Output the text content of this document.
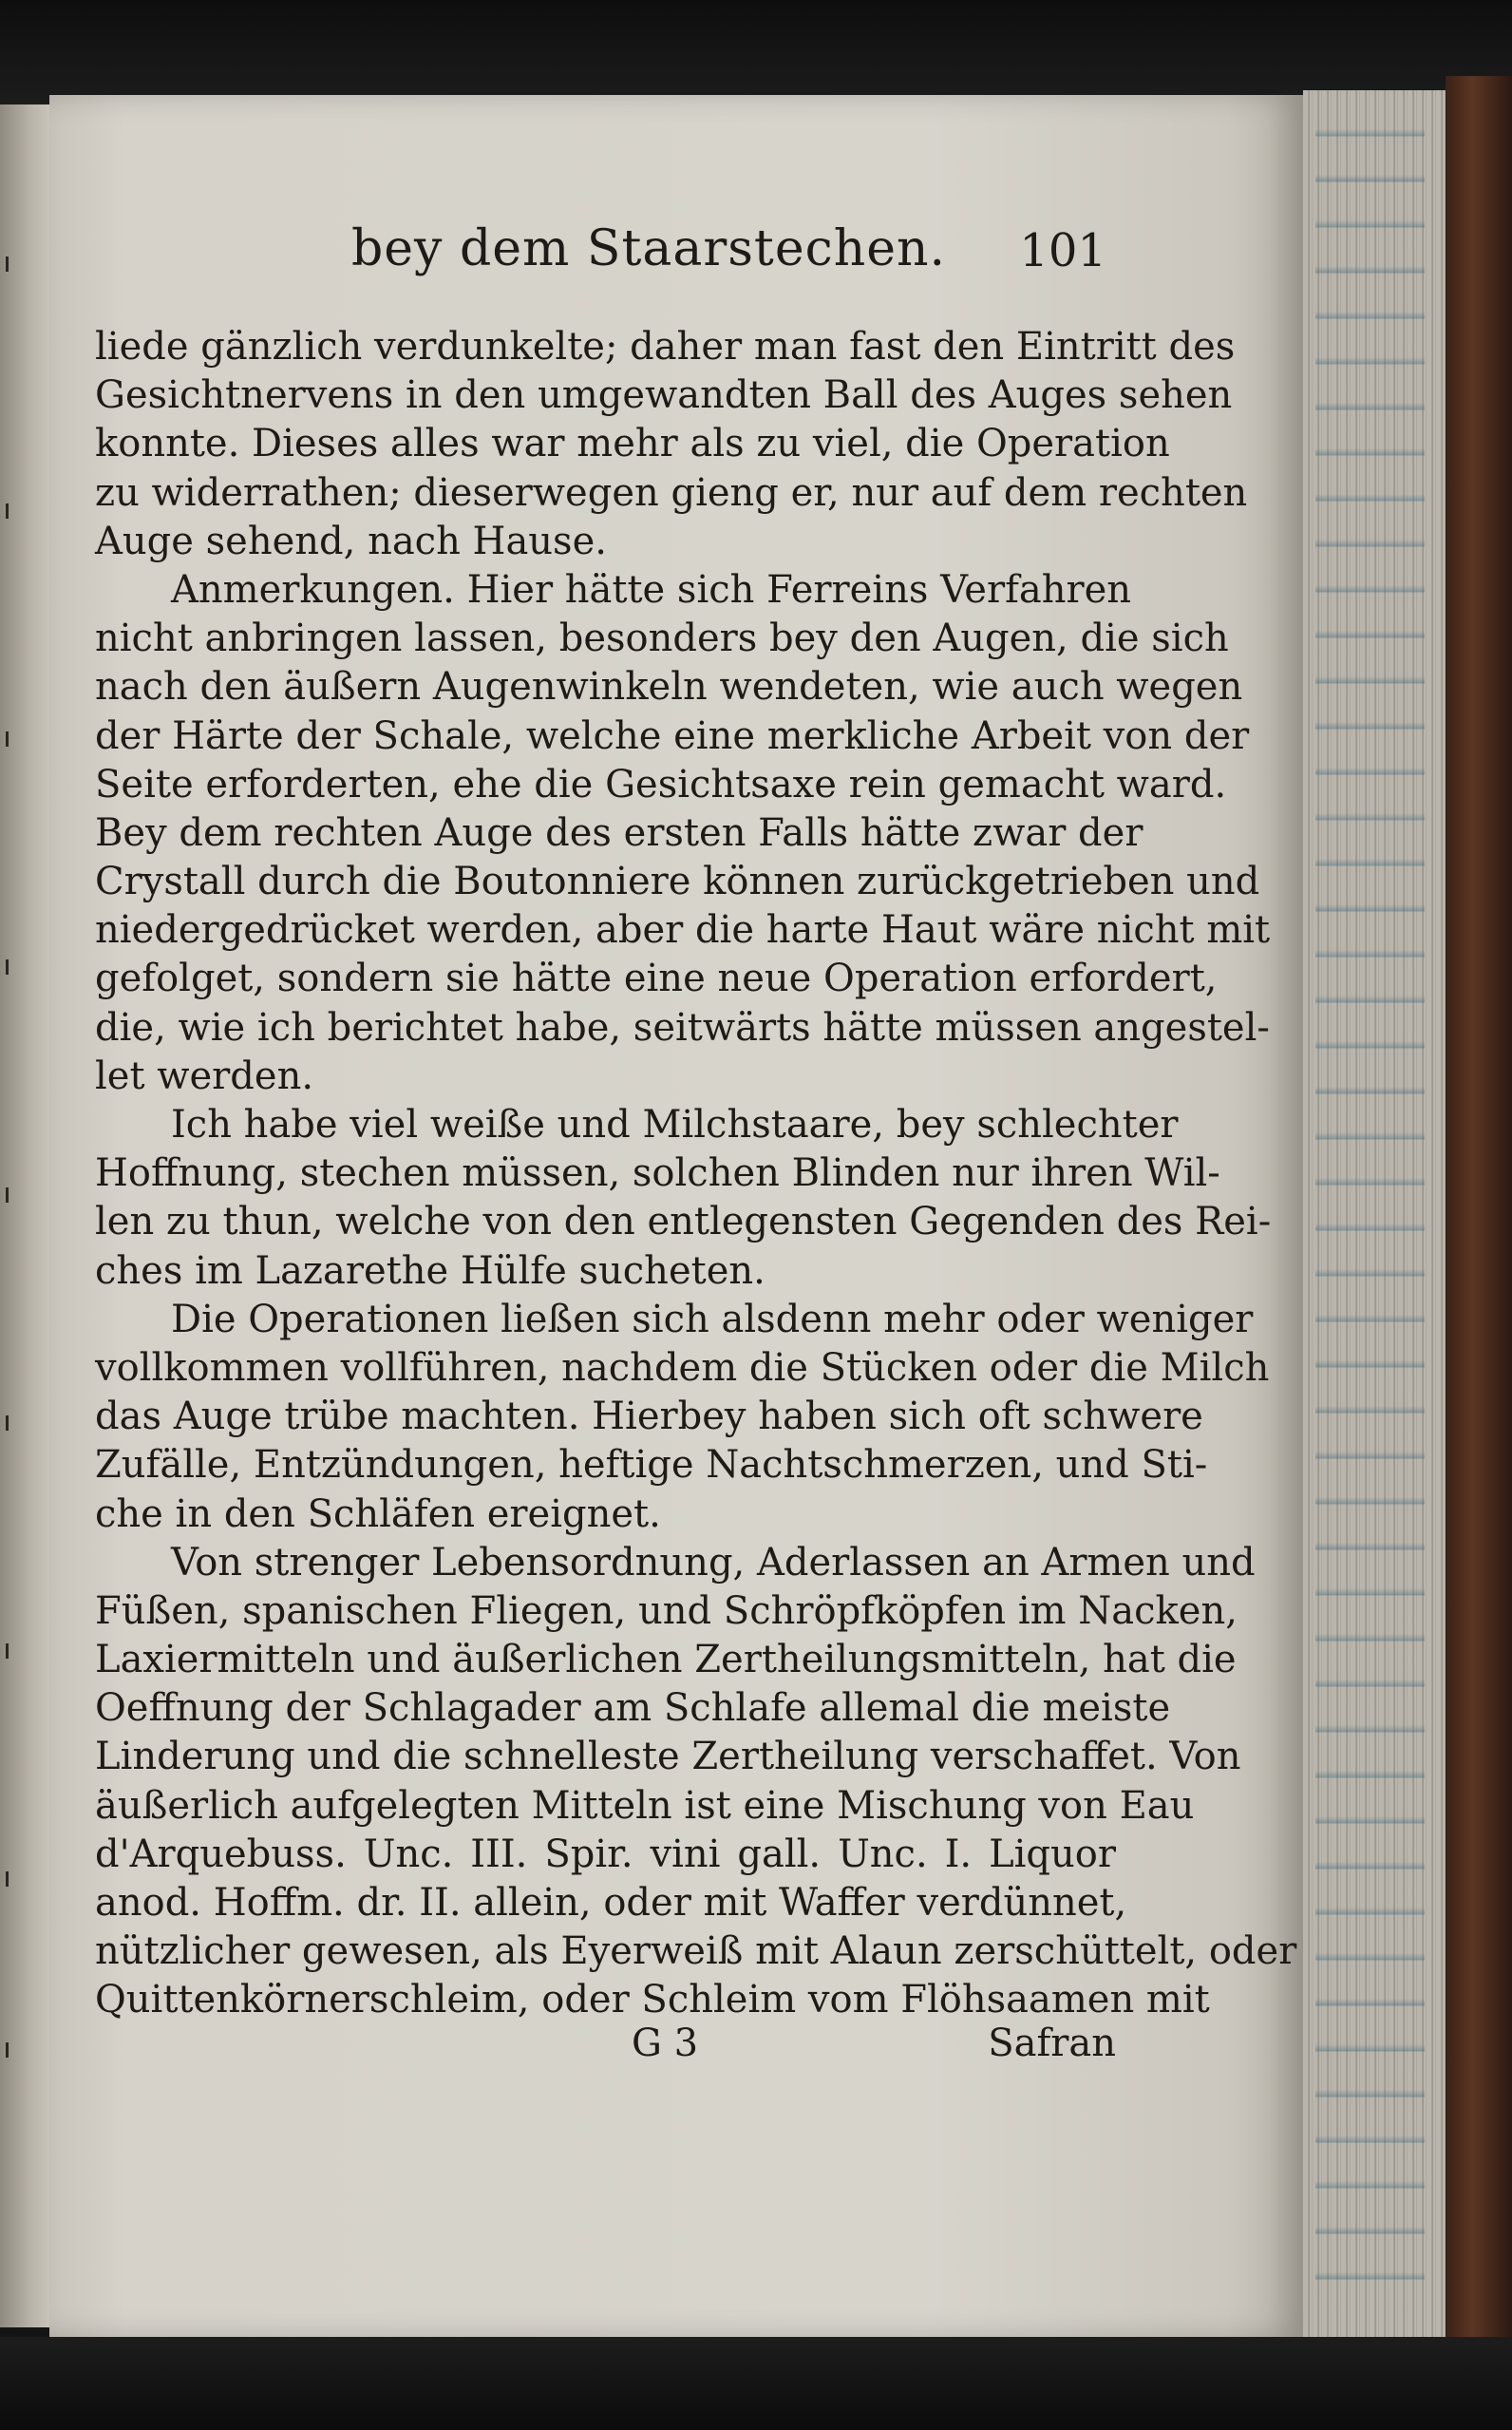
bey dem Staarstechen. 101
liede gänzlich verdunkelte; daher man fast den Eintritt des
Gesichtnervens in den umgewandten Ball des Auges sehen
konnte. Dieses alles war mehr als zu viel, die Operation
zu widerrathen; dieserwegen gieng er, nur auf dem rechten
Auge sehend, nach Hause.
Anmerkungen. Hier hätte sich Ferreins Verfahren
nicht anbringen lassen, besonders bey den Augen, die sich
nach den äußern Augenwinkeln wendeten, wie auch wegen
der Härte der Schale, welche eine merkliche Arbeit von der
Seite erforderten, ehe die Gesichtsaxe rein gemacht ward.
Bey dem rechten Auge des ersten Falls hätte zwar der
Crystall durch die Boutonniere können zurückgetrieben und
niedergedrücket werden, aber die harte Haut wäre nicht mit
gefolget, sondern sie hätte eine neue Operation erfordert,
die, wie ich berichtet habe, seitwärts hätte müssen angestel-
let werden.
Ich habe viel weiße und Milchstaare, bey schlechter
Hoffnung, stechen müssen, solchen Blinden nur ihren Wil-
len zu thun, welche von den entlegensten Gegenden des Rei-
ches im Lazarethe Hülfe sucheten.
Die Operationen ließen sich alsdenn mehr oder weniger
vollkommen vollführen, nachdem die Stücken oder die Milch
das Auge trübe machten. Hierbey haben sich oft schwere
Zufälle, Entzündungen, heftige Nachtschmerzen, und Sti-
che in den Schläfen ereignet.
Von strenger Lebensordnung, Aderlassen an Armen und
Füßen, spanischen Fliegen, und Schröpfköpfen im Nacken,
Laxiermitteln und äußerlichen Zertheilungsmitteln, hat die
Oeffnung der Schlagader am Schlafe allemal die meiste
Linderung und die schnelleste Zertheilung verschaffet. Von
äußerlich aufgelegten Mitteln ist eine Mischung von Eau
d'Arquebuss. Unc. III. Spir. vini gall. Unc. I. Liquor
anod. Hoffm. dr. II. allein, oder mit Waffer verdünnet,
nützlicher gewesen, als Eyerweiß mit Alaun zerschüttelt, oder
Quittenkörnerschleim, oder Schleim vom Flöhsaamen mit
G 3	Safran
